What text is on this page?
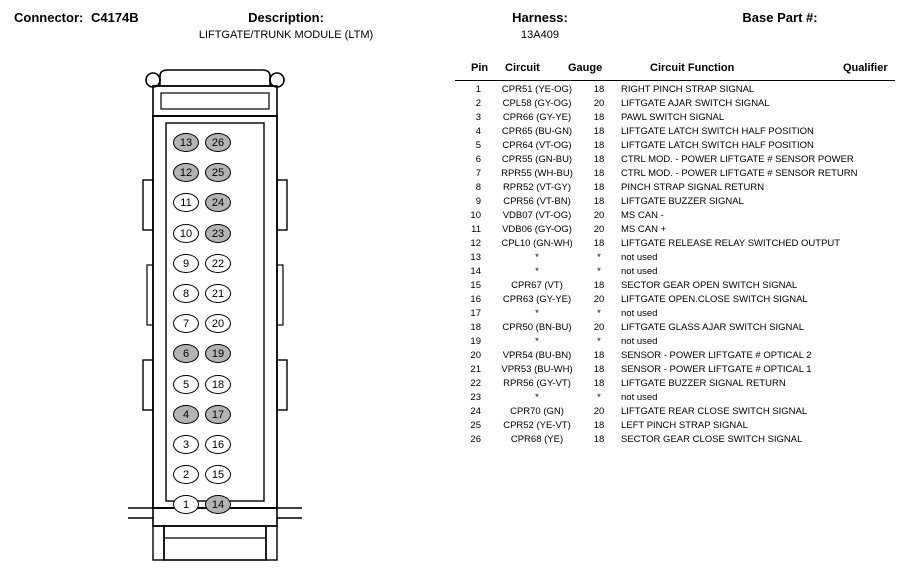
Connector: C4174B	Description:
LIFTGATE/TRUNK MODULE (LTM)
Harness:
13A409
Base Part #:
13
12
11
10
9
8
7
6
5
4
3
2
1
26
25
24
23
22
21
20
19
18
17
16
15
14
Pin Circuit	Gauge	Circuit Function	Qualifier
1	CPR51 (YE-OG)	18	RIGHT PINCH STRAP SIGNAL
2	CPL58 (GY-OG)	20	LIFTGATE AJAR SWITCH SIGNAL
3	CPR66 (GY-YE)	18	PAWL SWITCH SIGNAL
4	CPR65 (BU-GN)	18	LIFTGATE LATCH SWITCH HALF POSITION
5	CPR64 (VT-OG)	18	LIFTGATE LATCH SWITCH HALF POSITION
6	CPR55 (GN-BU)	18	CTRL MOD. - POWER LIFTGATE # SENSOR POWER
7	RPR55 (WH-BU)	18	CTRL MOD. - POWER LIFTGATE # SENSOR RETURN
8	RPR52 (VT-GY)	18	PINCH STRAP SIGNAL RETURN
9	CPR56 (VT-BN)	18	LIFTGATE BUZZER SIGNAL
10	VDB07 (VT-OG)	20	MS CAN -
11	VDB06 (GY-OG)	20	MS CAN +
12	CPL10 (GN-WH)	18	LIFTGATE RELEASE RELAY SWITCHED OUTPUT
13	*	*	not used
14	*	*	not used
15	CPR67 (VT)	18	SECTOR GEAR OPEN SWITCH SIGNAL
16	CPR63 (GY-YE)	20	LIFTGATE OPEN.CLOSE SWITCH SIGNAL
17	*	*	not used
18	CPR50 (BN-BU)	20	LIFTGATE GLASS AJAR SWITCH SIGNAL
19	*	*	not used
20	VPR54 (BU-BN)	18	SENSOR - POWER LIFTGATE # OPTICAL 2
21	VPR53 (BU-WH)	18	SENSOR - POWER LIFTGATE # OPTICAL 1
22	RPR56 (GY-VT)	18	LIFTGATE BUZZER SIGNAL RETURN
23	*	*	not used
24	CPR70 (GN)	20	LIFTGATE REAR CLOSE SWITCH SIGNAL
25	CPR52 (YE-VT)	18	LEFT PINCH STRAP SIGNAL
26	CPR68 (YE)	18	SECTOR GEAR CLOSE SWITCH SIGNAL
